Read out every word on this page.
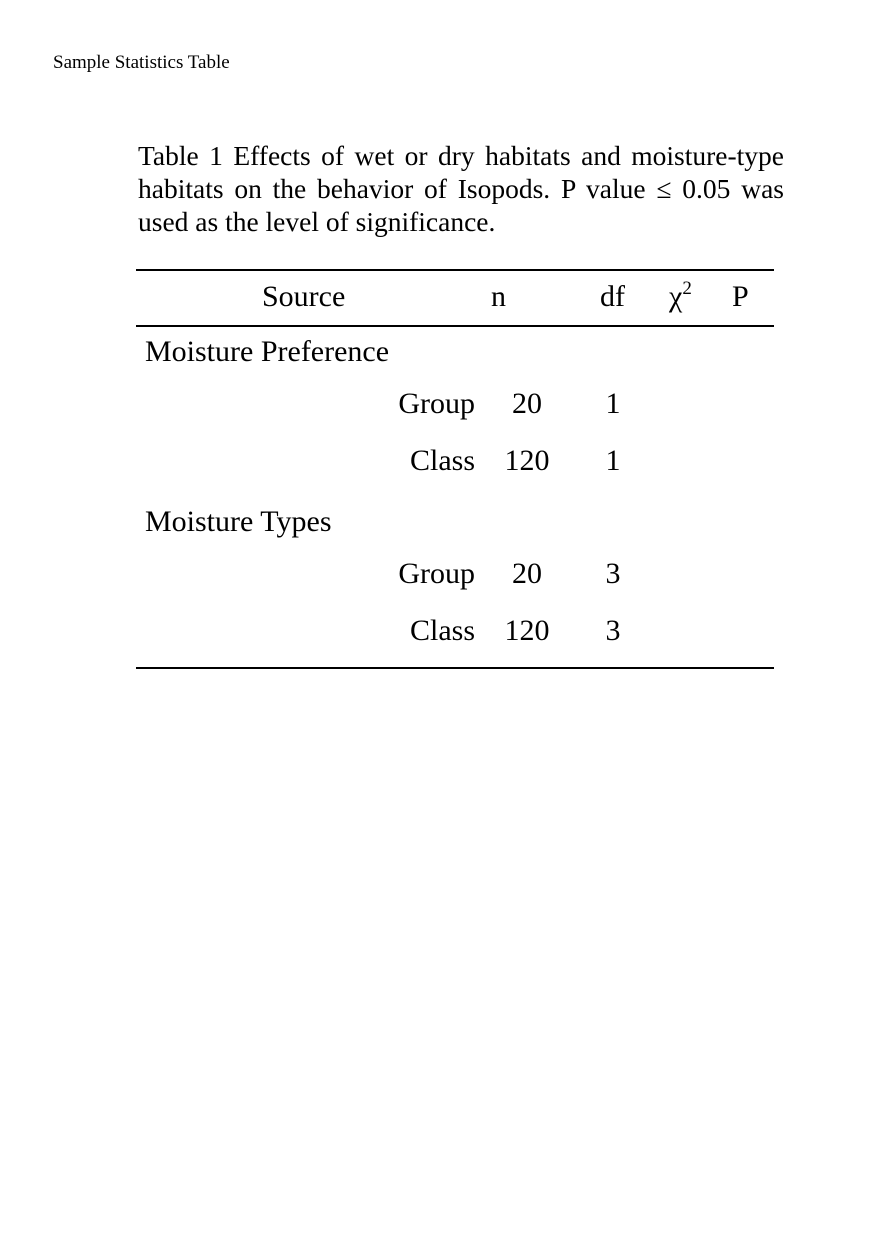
Sample Statistics Table
Table 1 Effects of wet or dry habitats and moisture-type habitats on the behavior of Isopods. P value ≤ 0.05 was used as the level of significance.
Source	n	df $\chi^2$ P
Moisture Preference
Group 20 1
Class 120 1
Moisture Types
Group 20 3
Class 120 3
